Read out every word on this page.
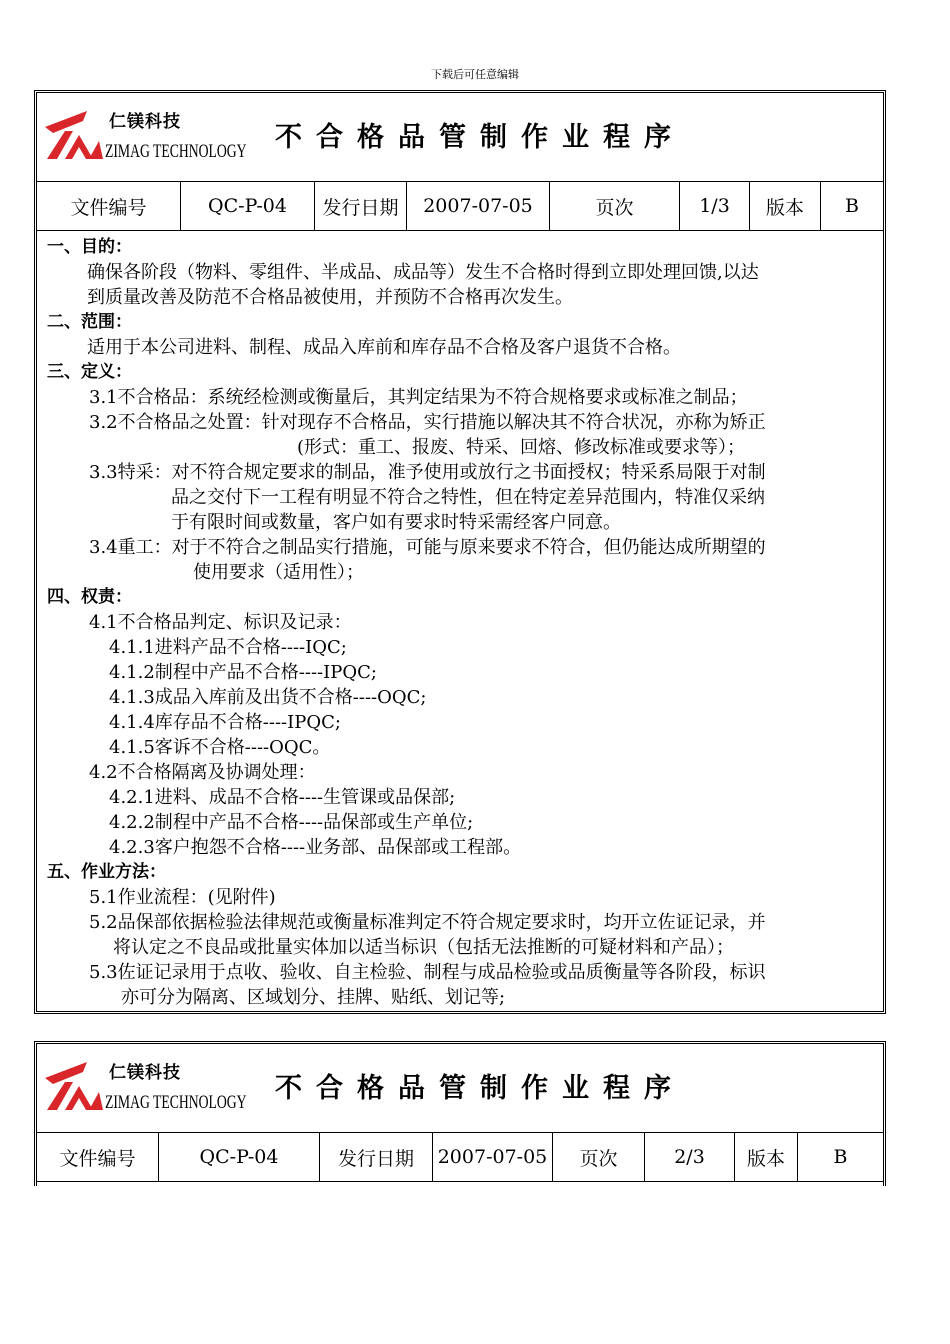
下载后可任意编辑
仁镁科技
ZIMAG TECHNOLOGY	不合格品管制作业程序
文件编号	QC-P-04	发行日期	2007-07-05	页次	1/3	版本	B
一、目的：
确保各阶段（物料、零组件、半成品、成品等）发生不合格时得到立即处理回馈,以达
到质量改善及防范不合格品被使用，并预防不合格再次发生。
二、范围：
适用于本公司进料、制程、成品入库前和库存品不合格及客户退货不合格。
三、定义：
3.1不合格品：系统经检测或衡量后，其判定结果为不符合规格要求或标准之制品；
3.2不合格品之处置：针对现存不合格品，实行措施以解决其不符合状况，亦称为矫正
(形式：重工、报废、特采、回熔、修改标准或要求等）；
3.3特采：对不符合规定要求的制品，准予使用或放行之书面授权；特采系局限于对制
品之交付下一工程有明显不符合之特性，但在特定差异范围内，特准仅采纳
于有限时间或数量，客户如有要求时特采需经客户同意。
3.4重工：对于不符合之制品实行措施，可能与原来要求不符合，但仍能达成所期望的
使用要求（适用性）；
四、权责：
4.1不合格品判定、标识及记录：
4.1.1进料产品不合格----IQC;
4.1.2制程中产品不合格----IPQC;
4.1.3成品入库前及出货不合格----OQC;
4.1.4库存品不合格----IPQC;
4.1.5客诉不合格----OQC。
4.2不合格隔离及协调处理：
4.2.1进料、成品不合格----生管课或品保部;
4.2.2制程中产品不合格----品保部或生产单位;
4.2.3客户抱怨不合格----业务部、品保部或工程部。
五、作业方法：
5.1作业流程：(见附件)
5.2品保部依据检验法律规范或衡量标准判定不符合规定要求时，均开立佐证记录，并
将认定之不良品或批量实体加以适当标识（包括无法推断的可疑材料和产品）；
5.3佐证记录用于点收、验收、自主检验、制程与成品检验或品质衡量等各阶段，标识
亦可分为隔离、区域划分、挂牌、贴纸、划记等;
仁镁科技
ZIMAG TECHNOLOGY	不合格品管制作业程序
文件编号	QC-P-04	发行日期	2007-07-05	页次	2/3	版本	B
